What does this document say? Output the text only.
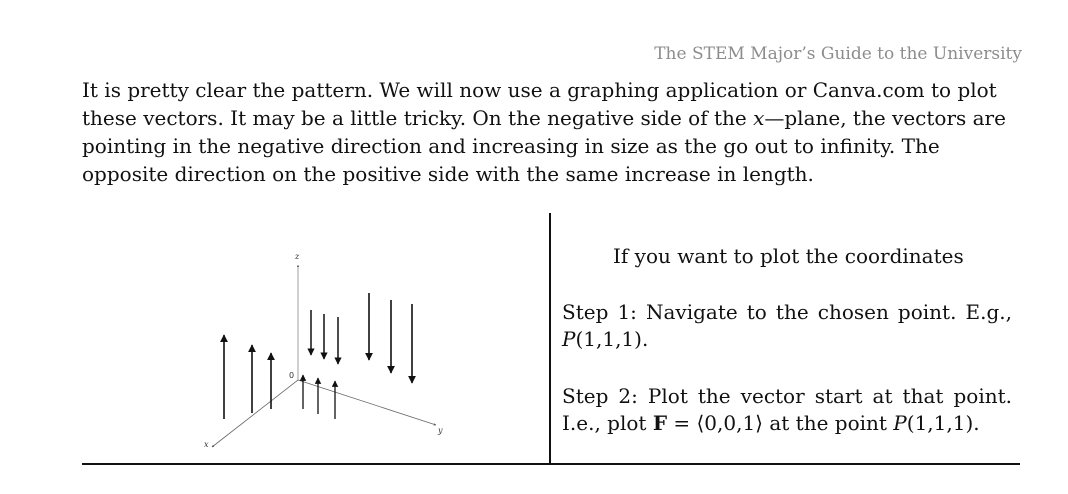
The STEM Major’s Guide to the University

It is pretty clear the pattern. We will now use a graphing application or Canva.com to plot these vectors. It may be a little tricky. On the negative side of the x—plane, the vectors are pointing in the negative direction and increasing in size as the go out to infinity. The opposite direction on the positive side with the same increase in length.

z
x
y
0
If you want to plot the coordinates
Step 1: Navigate to the chosen point. E.g., P(1,1,1).
Step 2: Plot the vector start at that point. I.e., plot F = ⟨0,0,1⟩ at the point P(1,1,1).
